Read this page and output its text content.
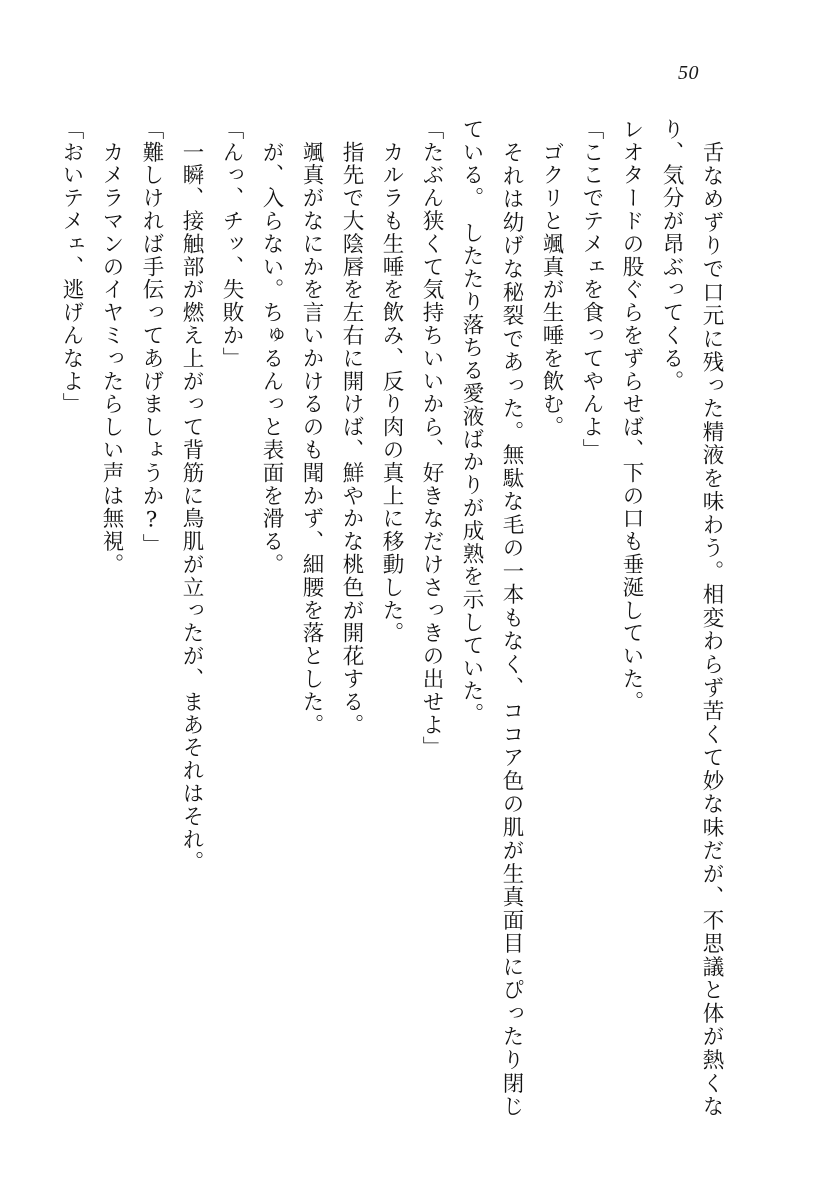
50

　舌なめずりで口元に残った精液を味わう。相変わらず苦くて妙な味だが、不思議と体が熱くなり、気分が昂ぶってくる。

レオタードの股ぐらをずらせば、下の口も垂涎していた。

「ここでテメェを食ってやんよ」

　ゴクリと颯真が生唾を飲む。

　それは幼げな秘裂であった。無駄な毛の一本もなく、ココア色の肌が生真面目にぴったり閉じている。　したたり落ちる愛液ばかりが成熟を示していた。

「たぶん狭くて気持ちいいから、好きなだけさっきの出せよ」

　カルラも生唾を飲み、反り肉の真上に移動した。

　指先で大陰唇を左右に開けば、鮮やかな桃色が開花する。

　颯真がなにかを言いかけるのも聞かず、細腰を落とした。

　が、入らない。ちゅるんっと表面を滑る。

「んっ、チッ、失敗か」

　一瞬、接触部が燃え上がって背筋に鳥肌が立ったが、まあそれはそれ。

「難しければ手伝ってあげましょうか?」

　カメラマンのイヤミったらしい声は無視。

「おいテメェ、逃げんなよ」
